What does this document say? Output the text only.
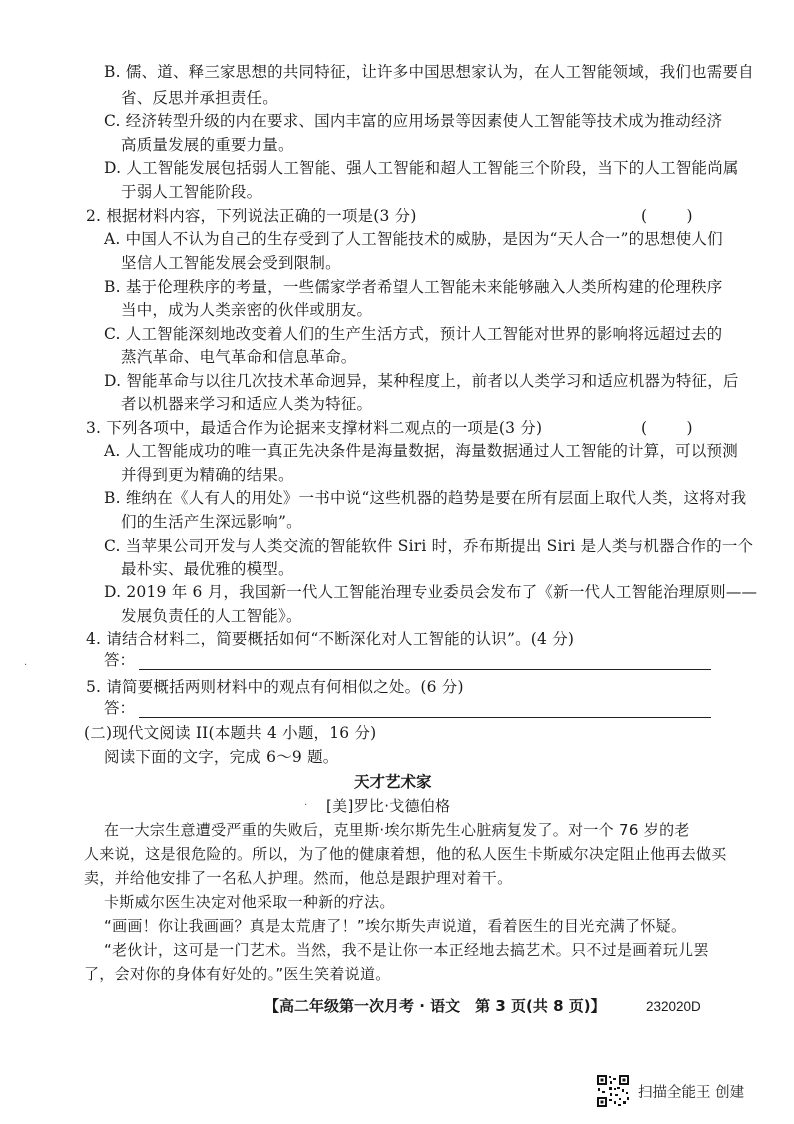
B. 儒、道、释三家思想的共同特征，让许多中国思想家认为，在人工智能领域，我们也需要自
省、反思并承担责任。
C. 经济转型升级的内在要求、国内丰富的应用场景等因素使人工智能等技术成为推动经济
高质量发展的重要力量。
D. 人工智能发展包括弱人工智能、强人工智能和超人工智能三个阶段，当下的人工智能尚属
于弱人工智能阶段。
2. 根据材料内容，下列说法正确的一项是(3 分)	(        )
A. 中国人不认为自己的生存受到了人工智能技术的威胁，是因为“天人合一”的思想使人们
坚信人工智能发展会受到限制。
B. 基于伦理秩序的考量，一些儒家学者希望人工智能未来能够融入人类所构建的伦理秩序
当中，成为人类亲密的伙伴或朋友。
C. 人工智能深刻地改变着人们的生产生活方式，预计人工智能对世界的影响将远超过去的
蒸汽革命、电气革命和信息革命。
D. 智能革命与以往几次技术革命迥异，某种程度上，前者以人类学习和适应机器为特征，后
者以机器来学习和适应人类为特征。
3. 下列各项中，最适合作为论据来支撑材料二观点的一项是(3 分)	(        )
A. 人工智能成功的唯一真正先决条件是海量数据，海量数据通过人工智能的计算，可以预测
并得到更为精确的结果。
B. 维纳在《人有人的用处》一书中说“这些机器的趋势是要在所有层面上取代人类，这将对我
们的生活产生深远影响”。
C. 当苹果公司开发与人类交流的智能软件 Siri 时，乔布斯提出 Siri 是人类与机器合作的一个
最朴实、最优雅的模型。
D. 2019 年 6 月，我国新一代人工智能治理专业委员会发布了《新一代人工智能治理原则——
发展负责任的人工智能》。
4. 请结合材料二，简要概括如何“不断深化对人工智能的认识”。(4 分)
答：
·
5. 请简要概括两则材料中的观点有何相似之处。(6 分)
答：
(二)现代文阅读 II(本题共 4 小题，16 分)
阅读下面的文字，完成 6～9 题。
天才艺术家
[美]罗比·戈德伯格
·
在一大宗生意遭受严重的失败后，克里斯·埃尔斯先生心脏病复发了。对一个 76 岁的老
人来说，这是很危险的。所以，为了他的健康着想，他的私人医生卡斯威尔决定阻止他再去做买
卖，并给他安排了一名私人护理。然而，他总是跟护理对着干。
卡斯威尔医生决定对他采取一种新的疗法。
“画画！你让我画画？真是太荒唐了！”埃尔斯失声说道，看着医生的目光充满了怀疑。
“老伙计，这可是一门艺术。当然，我不是让你一本正经地去搞艺术。只不过是画着玩儿罢
了，会对你的身体有好处的。”医生笑着说道。
【高二年级第一次月考 · 语文　第 3 页(共 8 页)】	232020D
扫描全能王 创建
